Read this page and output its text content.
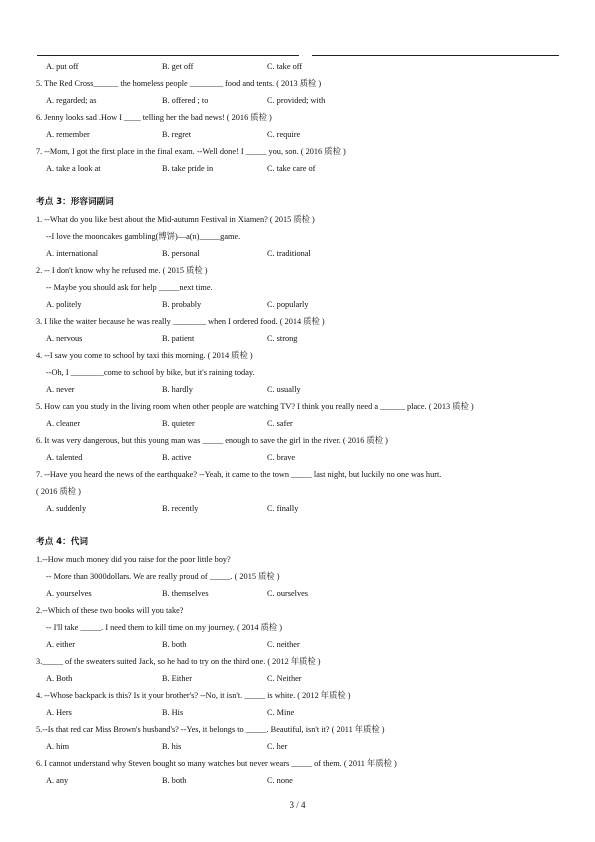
A. put off	B. get off	C. take off
5. The Red Cross______ the homeless people ________ food and tents. ( 2013 质检 )
A. regarded; as	B. offered ; to	C. provided; with
6. Jenny looks sad .How I ____ telling her the bad news! ( 2016 质检 )
A. remember	B. regret	C. require
7. --Mom, I got the first place in the final exam. --Well done! I _____ you, son. ( 2016 质检 )
A. take a look at	B. take pride in	C. take care of
考点 3：形容词副词
1. --What do you like best about the Mid-autumn Festival in Xiamen? ( 2015 质检 )
--I love the mooncakes gambling(博饼)—a(n)_____game.
A. international	B. personal	C. traditional
2. -- I don't know why he refused me. ( 2015 质检 )
-- Maybe you should ask for help _____next time.
A. politely	B. probably	C. popularly
3. I like the waiter because he was really ________ when I ordered food. ( 2014 质检 )
A. nervous	B. patient	C. strong
4. --I saw you come to school by taxi this morning. ( 2014 质检 )
--Oh, I ________come to school by bike, but it's raining today.
A. never	B. hardly	C. usually
5. How can you study in the living room when other people are watching TV? I think you really need a ______ place. ( 2013 质检 )
A. cleaner	B. quieter	C. safer
6. It was very dangerous, but this young man was _____ enough to save the girl in the river. ( 2016 质检 )
A. talented	B. active	C. brave
7. --Have you heard the news of the earthquake? --Yeah, it came to the town _____ last night, but luckily no one was hurt.
( 2016 质检 )
A. suddenly	B. recently	C. finally
考点 4：代词
1.--How much money did you raise for the poor little boy?
-- More than 3000dollars. We are really proud of _____. ( 2015 质检 )
A. yourselves	B. themselves	C. ourselves
2.--Which of these two books will you take?
-- I'll take _____. I need them to kill time on my journey. ( 2014 质检 )
A. either	B. both	C. neither
3._____ of the sweaters suited Jack, so he had to try on the third one. ( 2012 年质检 )
A. Both	B. Either	C. Neither
4. --Whose backpack is this? Is it your brother's? --No, it isn't. _____ is white. ( 2012 年质检 )
A. Hers	B. His	C. Mine
5.--Is that red car Miss Brown's husband's? --Yes, it belongs to _____. Beautiful, isn't it? ( 2011 年质检 )
A. him	B. his	C. her
6. I cannot understand why Steven bought so many watches but never wears _____ of them. ( 2011 年质检 )
A. any	B. both	C. none
3 / 4
